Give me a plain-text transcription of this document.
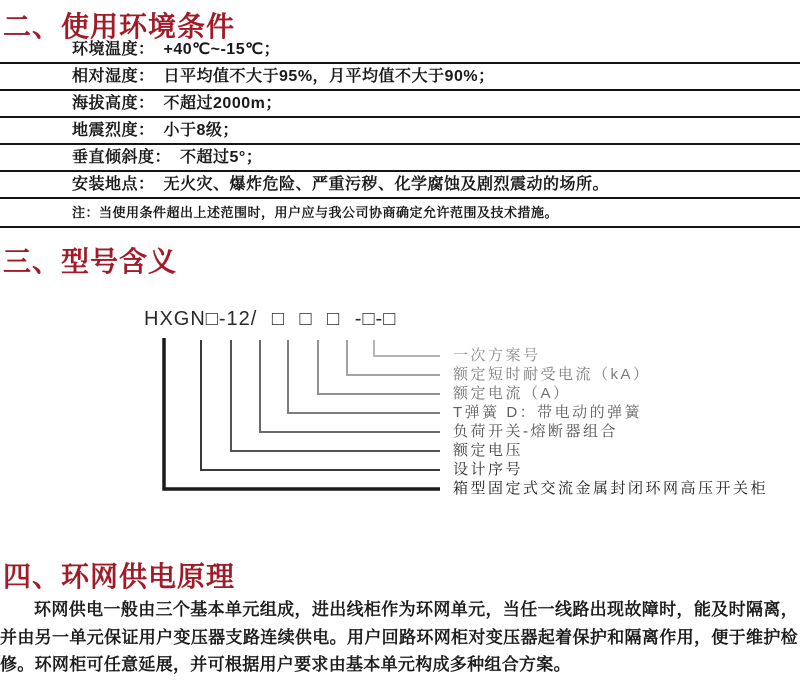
二、使用环境条件
环境温度： +40℃~-15℃；
相对湿度： 日平均值不大于95%，月平均值不大于90%；
海拔高度： 不超过2000m；
地震烈度： 小于8级；
垂直倾斜度： 不超过5°；
安装地点： 无火灾、爆炸危险、严重污秽、化学腐蚀及剧烈震动的场所。
注：当使用条件超出上述范围时，用户应与我公司协商确定允许范围及技术措施。
三、型号含义
HXGN□-12/ □ □ □ -□-□
一次方案号
额定短时耐受电流（kA）
额定电流（A）
T弹簧 D：带电动的弹簧
负荷开关-熔断器组合
额定电压
设计序号
箱型固定式交流金属封闭环网高压开关柜
四、环网供电原理

环网供电一般由三个基本单元组成，进出线柜作为环网单元，当任一线路出现故障时，能及时隔离，并由另一单元保证用户变压器支路连续供电。用户回路环网柜对变压器起着保护和隔离作用，便于维护检修。环网柜可任意延展，并可根据用户要求由基本单元构成多种组合方案。
